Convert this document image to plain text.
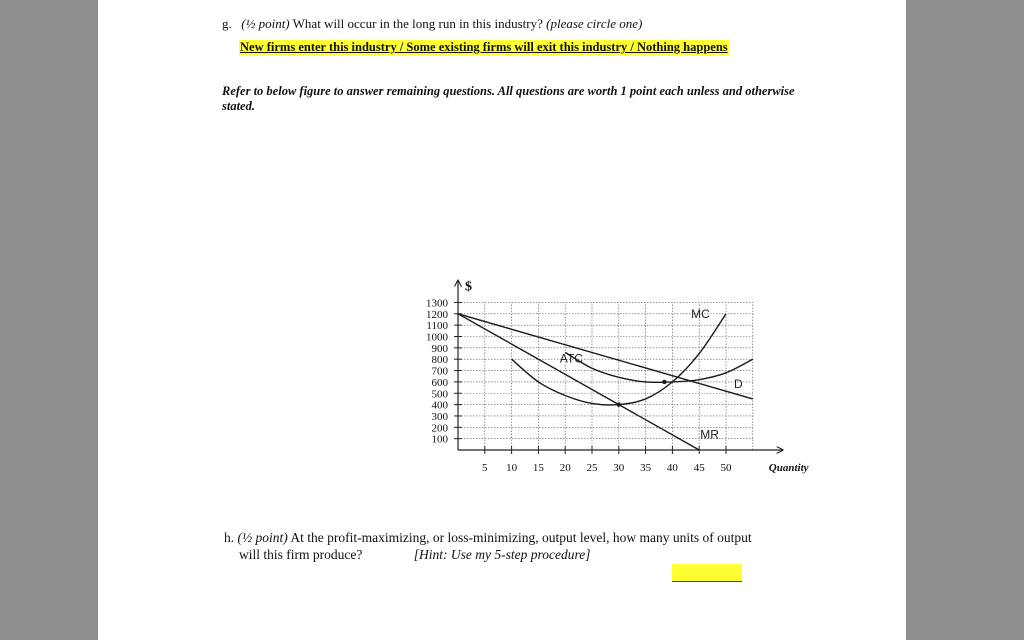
g. (½ point) What will occur in the long run in this industry? (please circle one)
New firms enter this industry / Some existing firms will exit this industry / Nothing happens
Refer to below figure to answer remaining questions. All questions are worth 1 point each unless and otherwise stated.
5 10 15 20 25 30 35 40 45 50
100
200
300
400
500
600
700
800
900
1000
1100
1200
1300
$
Quantity
MC
ATC
D
MR
h. (½ point) At the profit-maximizing, or loss-minimizing, output level, how many units of output
will this firm produce?	[Hint: Use my 5-step procedure]
